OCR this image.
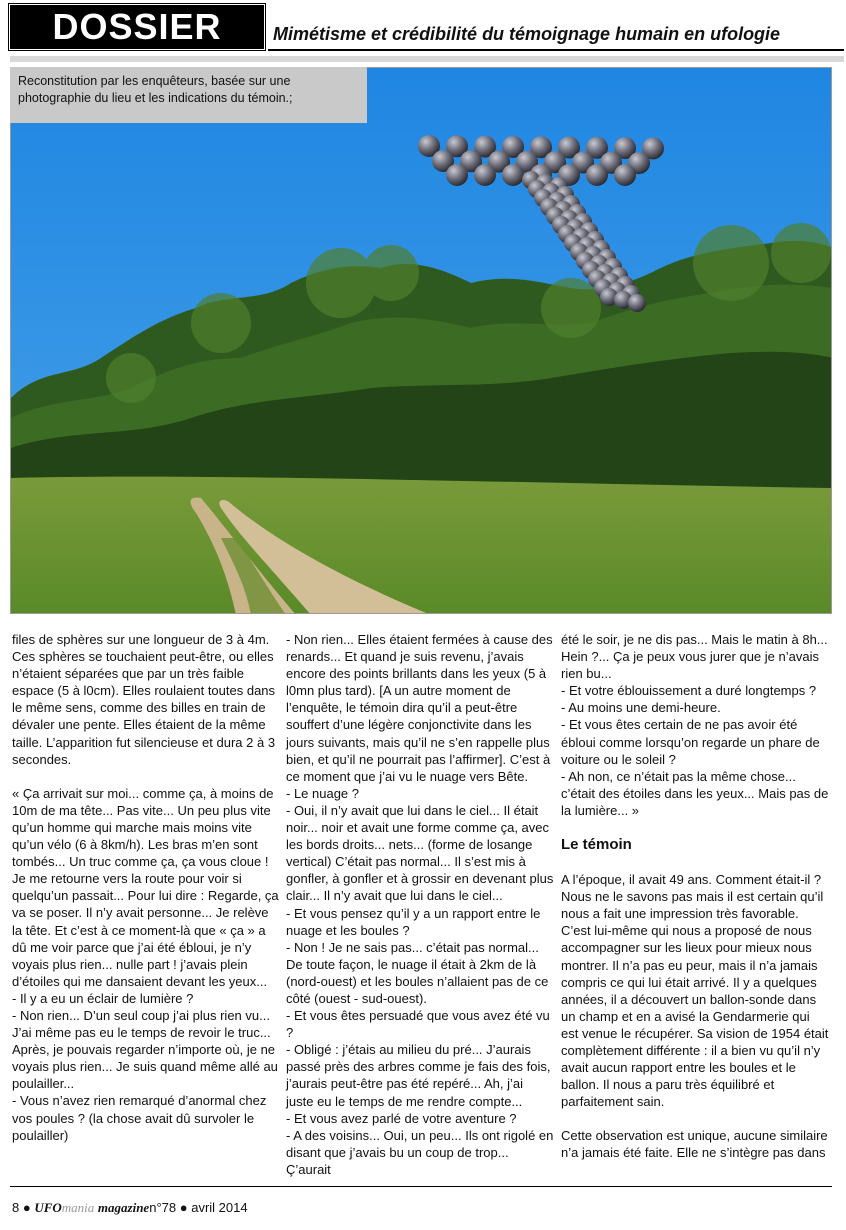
DOSSIER	Mimétisme et crédibilité du témoignage humain en ufologie
Reconstitution par les enquêteurs, basée sur une photographie du lieu et les indications du témoin.;

files de sphères sur une longueur de 3 à 4m. Ces sphères se touchaient peut-être, ou elles n’étaient séparées que par un très faible espace (5 à l0cm). Elles roulaient toutes dans le même sens, comme des billes en train de dévaler une pente. Elles étaient de la même taille. L’apparition fut silencieuse et dura 2 à 3 secondes.

« Ça arrivait sur moi... comme ça, à moins de 10m de ma tête... Pas vite... Un peu plus vite qu’un homme qui marche mais moins vite qu’un vélo (6 à 8km/h). Les bras m’en sont tombés... Un truc comme ça, ça vous cloue ! Je me retourne vers la route pour voir si quelqu’un passait... Pour lui dire : Regarde, ça va se poser. Il n’y avait personne... Je relève la tête. Et c’est à ce moment-là que « ça » a dû me voir parce que j’ai été ébloui, je n’y voyais plus rien... nulle part ! j’avais plein d’étoiles qui me dansaient devant les yeux...
- Il y a eu un éclair de lumière ?
- Non rien... D’un seul coup j’ai plus rien vu... J’ai même pas eu le temps de revoir le truc... Après, je pouvais regarder n’importe où, je ne voyais plus rien... Je suis quand même allé au poulailler...
- Vous n’avez rien remarqué d’anormal chez vos poules ? (la chose avait dû survoler le poulailler)

- Non rien... Elles étaient fermées à cause des renards... Et quand je suis revenu, j’avais encore des points brillants dans les yeux (5 à l0mn plus tard). [A un autre moment de l’enquête, le témoin dira qu’il a peut-être souffert d’une légère conjonctivite dans les jours suivants, mais qu’il ne s’en rappelle plus bien, et qu’il ne pourrait pas l’affirmer]. C’est à ce moment que j’ai vu le nuage vers Bête.
- Le nuage ?
- Oui, il n’y avait que lui dans le ciel... Il était noir... noir et avait une forme comme ça, avec les bords droits... nets... (forme de losange vertical) C’était pas normal... Il s’est mis à gonfler, à gonfler et à grossir en devenant plus clair... Il n’y avait que lui dans le ciel...
- Et vous pensez qu’il y a un rapport entre le nuage et les boules ?
- Non ! Je ne sais pas... c’était pas normal... De toute façon, le nuage il était à 2km de là (nord-ouest) et les boules n’allaient pas de ce côté (ouest - sud-ouest).
- Et vous êtes persuadé que vous avez été vu ?
- Obligé : j’étais au milieu du pré... J’aurais passé près des arbres comme je fais des fois, j’aurais peut-être pas été repéré... Ah, j’ai juste eu le temps de me rendre compte...
- Et vous avez parlé de votre aventure ?
- A des voisins... Oui, un peu... Ils ont rigolé en disant que j’avais bu un coup de trop... Ç’aurait

été le soir, je ne dis pas... Mais le matin à 8h... Hein ?... Ça je peux vous jurer que je n’avais rien bu...
- Et votre éblouissement a duré longtemps ?
- Au moins une demi-heure.
- Et vous êtes certain de ne pas avoir été ébloui comme lorsqu’on regarde un phare de voiture ou le soleil ?
- Ah non, ce n’était pas la même chose... c’était des étoiles dans les yeux... Mais pas de la lumière... »

Le témoin

A l’époque, il avait 49 ans. Comment était-il ? Nous ne le savons pas mais il est certain qu’il nous a fait une impression très favorable. C’est lui-même qui nous a proposé de nous accompagner sur les lieux pour mieux nous montrer. Il n’a pas eu peur, mais il n’a jamais compris ce qui lui était arrivé. Il y a quelques années, il a découvert un ballon-sonde dans un champ et en a avisé la Gendarmerie qui est venue le récupérer. Sa vision de 1954 était complètement différente : il a bien vu qu’il n’y avait aucun rapport entre les boules et le ballon. Il nous a paru très équilibré et parfaitement sain.

Cette observation est unique, aucune similaire n’a jamais été faite. Elle ne s’intègre pas dans

8 ● UFOmania magazinen°78 ● avril 2014
